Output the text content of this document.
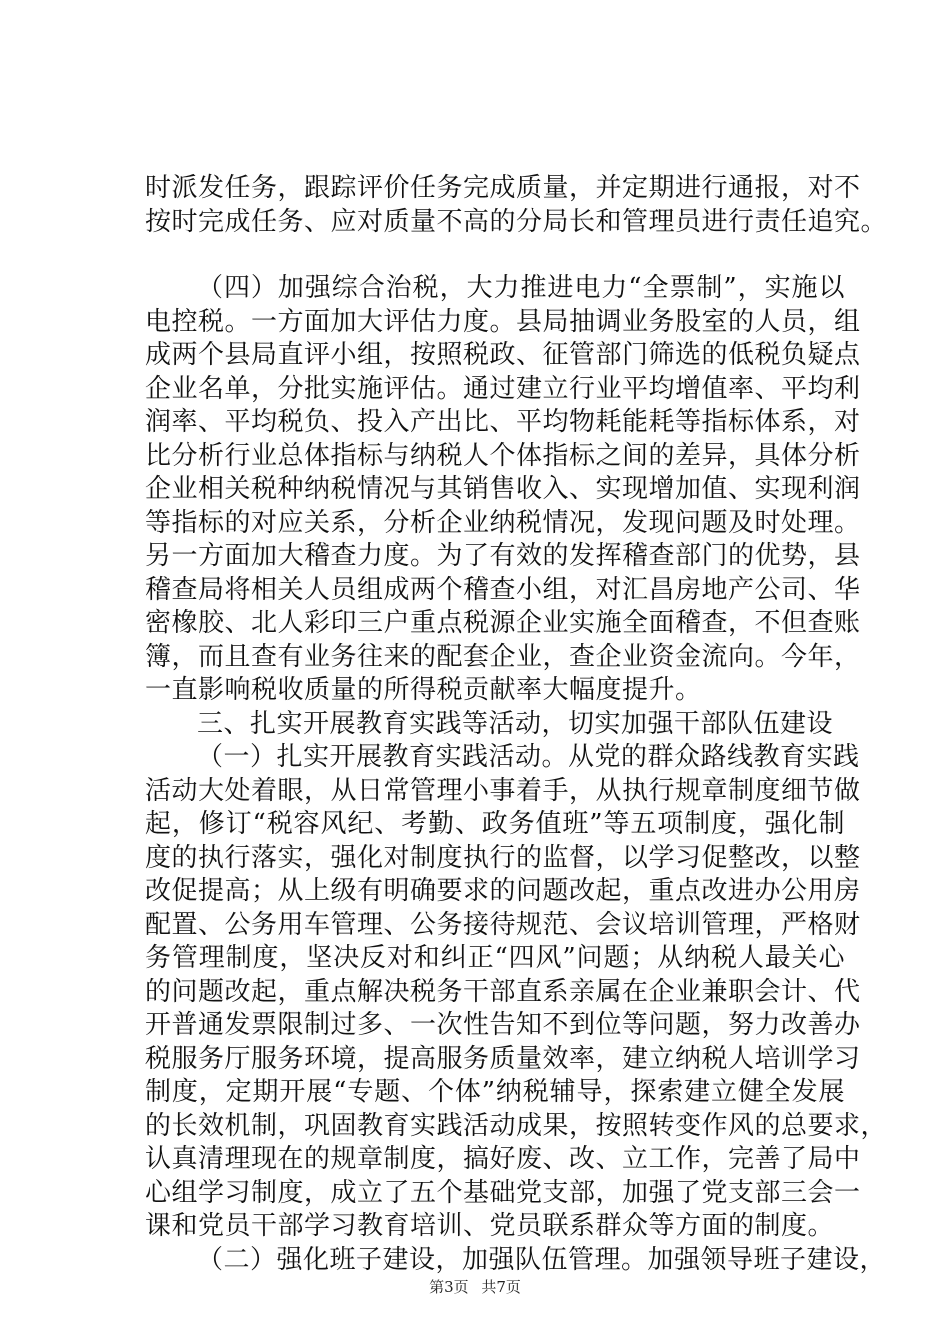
时派发任务，跟踪评价任务完成质量，并定期进行通报，对不
按时完成任务、应对质量不高的分局长和管理员进行责任追究。
（四）加强综合治税，大力推进电力“全票制”，实施以
电控税。一方面加大评估力度。县局抽调业务股室的人员，组
成两个县局直评小组，按照税政、征管部门筛选的低税负疑点
企业名单，分批实施评估。通过建立行业平均增值率、平均利
润率、平均税负、投入产出比、平均物耗能耗等指标体系，对
比分析行业总体指标与纳税人个体指标之间的差异，具体分析
企业相关税种纳税情况与其销售收入、实现增加值、实现利润
等指标的对应关系，分析企业纳税情况，发现问题及时处理。
另一方面加大稽查力度。为了有效的发挥稽查部门的优势，县
稽查局将相关人员组成两个稽查小组，对汇昌房地产公司、华
密橡胶、北人彩印三户重点税源企业实施全面稽查，不但查账
簿，而且查有业务往来的配套企业，查企业资金流向。今年，
一直影响税收质量的所得税贡献率大幅度提升。
三、扎实开展教育实践等活动，切实加强干部队伍建设
（一）扎实开展教育实践活动。从党的群众路线教育实践
活动大处着眼，从日常管理小事着手，从执行规章制度细节做
起，修订“税容风纪、考勤、政务值班”等五项制度，强化制
度的执行落实，强化对制度执行的监督，以学习促整改，以整
改促提高；从上级有明确要求的问题改起，重点改进办公用房
配置、公务用车管理、公务接待规范、会议培训管理，严格财
务管理制度，坚决反对和纠正“四风”问题；从纳税人最关心
的问题改起，重点解决税务干部直系亲属在企业兼职会计、代
开普通发票限制过多、一次性告知不到位等问题，努力改善办
税服务厅服务环境，提高服务质量效率，建立纳税人培训学习
制度，定期开展“专题、个体”纳税辅导，探索建立健全发展
的长效机制，巩固教育实践活动成果，按照转变作风的总要求，
认真清理现在的规章制度，搞好废、改、立工作，完善了局中
心组学习制度，成立了五个基础党支部，加强了党支部三会一
课和党员干部学习教育培训、党员联系群众等方面的制度。
（二）强化班子建设，加强队伍管理。加强领导班子建设，
第3页 共7页
